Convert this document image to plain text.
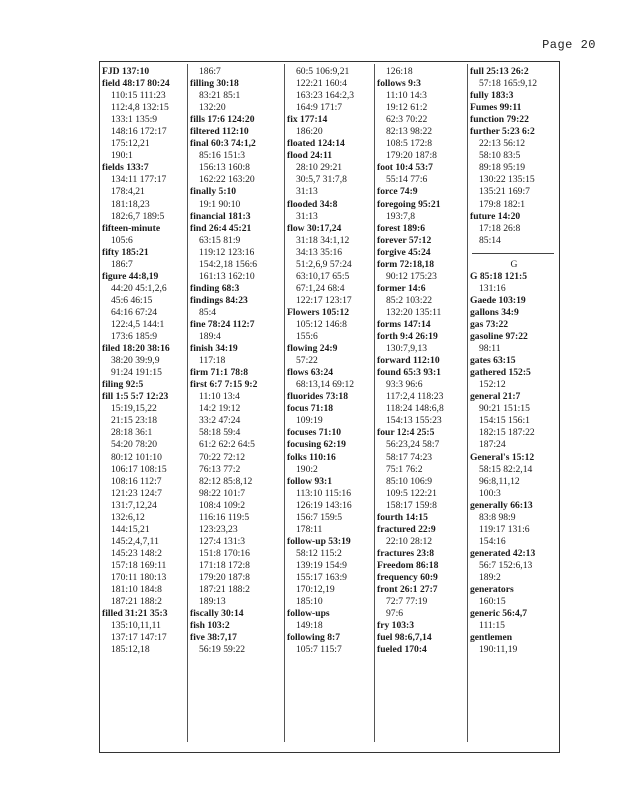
Page 20
FJD 137:10
field 48:17 80:24
110:15 111:23
112:4,8 132:15
133:1 135:9
148:16 172:17
175:12,21
190:1
fields 133:7
134:11 177:17
178:4,21
181:18,23
182:6,7 189:5
fifteen-minute
105:6
fifty 185:21
186:7
figure 44:8,19
44:20 45:1,2,6
45:6 46:15
64:16 67:24
122:4,5 144:1
173:6 185:9
filed 18:20 38:16
38:20 39:9,9
91:24 191:15
filing 92:5
fill 1:5 5:7 12:23
15:19,15,22
21:15 23:18
28:18 36:1
54:20 78:20
80:12 101:10
106:17 108:15
108:16 112:7
121:23 124:7
131:7,12,24
132:6,12
144:15,21
145:2,4,7,11
145:23 148:2
157:18 169:11
170:11 180:13
181:10 184:8
187:21 188:2
filled 31:21 35:3
135:10,11,11
137:17 147:17
185:12,18
186:7
filling 30:18
83:21 85:1
132:20
fills 17:6 124:20
filtered 112:10
final 60:3 74:1,2
85:16 151:3
156:13 160:8
162:22 163:20
finally 5:10
19:1 90:10
financial 181:3
find 26:4 45:21
63:15 81:9
119:12 123:16
154:2,18 156:6
161:13 162:10
finding 68:3
findings 84:23
85:4
fine 78:24 112:7
189:4
finish 34:19
117:18
firm 71:1 78:8
first 6:7 7:15 9:2
11:10 13:4
14:2 19:12
33:2 47:24
58:18 59:4
61:2 62:2 64:5
70:22 72:12
76:13 77:2
82:12 85:8,12
98:22 101:7
108:4 109:2
116:16 119:5
123:23,23
127:4 131:3
151:8 170:16
171:18 172:8
179:20 187:8
187:21 188:2
189:13
fiscally 30:14
fish 103:2
five 38:7,17
56:19 59:22
60:5 106:9,21
122:21 160:4
163:23 164:2,3
164:9 171:7
fix 177:14
186:20
floated 124:14
flood 24:11
28:10 29:21
30:5,7 31:7,8
31:13
flooded 34:8
31:13
flow 30:17,24
31:18 34:1,12
34:13 35:16
51:2,6,9 57:24
63:10,17 65:5
67:1,24 68:4
122:17 123:17
Flowers 105:12
105:12 146:8
155:6
flowing 24:9
57:22
flows 63:24
68:13,14 69:12
fluorides 73:18
focus 71:18
109:19
focuses 71:10
focusing 62:19
folks 110:16
190:2
follow 93:1
113:10 115:16
126:19 143:16
156:7 159:5
178:11
follow-up 53:19
58:12 115:2
139:19 154:9
155:17 163:9
170:12,19
185:10
follow-ups
149:18
following 8:7
105:7 115:7
126:18
follows 9:3
11:10 14:3
19:12 61:2
62:3 70:22
82:13 98:22
108:5 172:8
179:20 187:8
foot 10:4 53:7
55:14 77:6
force 74:9
foregoing 95:21
193:7,8
forest 189:6
forever 57:12
forgive 45:24
form 72:18,18
90:12 175:23
former 14:6
85:2 103:22
132:20 135:11
forms 147:14
forth 9:4 26:19
130:7,9,13
forward 112:10
found 65:3 93:1
93:3 96:6
117:2,4 118:23
118:24 148:6,8
154:13 155:23
four 12:4 25:5
56:23,24 58:7
58:17 74:23
75:1 76:2
85:10 106:9
109:5 122:21
158:17 159:8
fourth 14:15
fractured 22:9
22:10 28:12
fractures 23:8
Freedom 86:18
frequency 60:9
front 26:1 27:7
72:7 77:19
97:6
fry 103:3
fuel 98:6,7,14
fueled 170:4
full 25:13 26:2
57:18 165:9,12
fully 183:3
Fumes 99:11
function 79:22
further 5:23 6:2
22:13 56:12
58:10 83:5
89:18 95:19
130:22 135:15
135:21 169:7
179:8 182:1
future 14:20
17:18 26:8
85:14
G
G 85:18 121:5
131:16
Gaede 103:19
gallons 34:9
gas 73:22
gasoline 97:22
98:11
gates 63:15
gathered 152:5
152:12
general 21:7
90:21 151:15
154:15 156:1
182:15 187:22
187:24
General's 15:12
58:15 82:2,14
96:8,11,12
100:3
generally 66:13
83:8 98:9
119:17 131:6
154:16
generated 42:13
56:7 152:6,13
189:2
generators
160:15
generic 56:4,7
111:15
gentlemen
190:11,19
